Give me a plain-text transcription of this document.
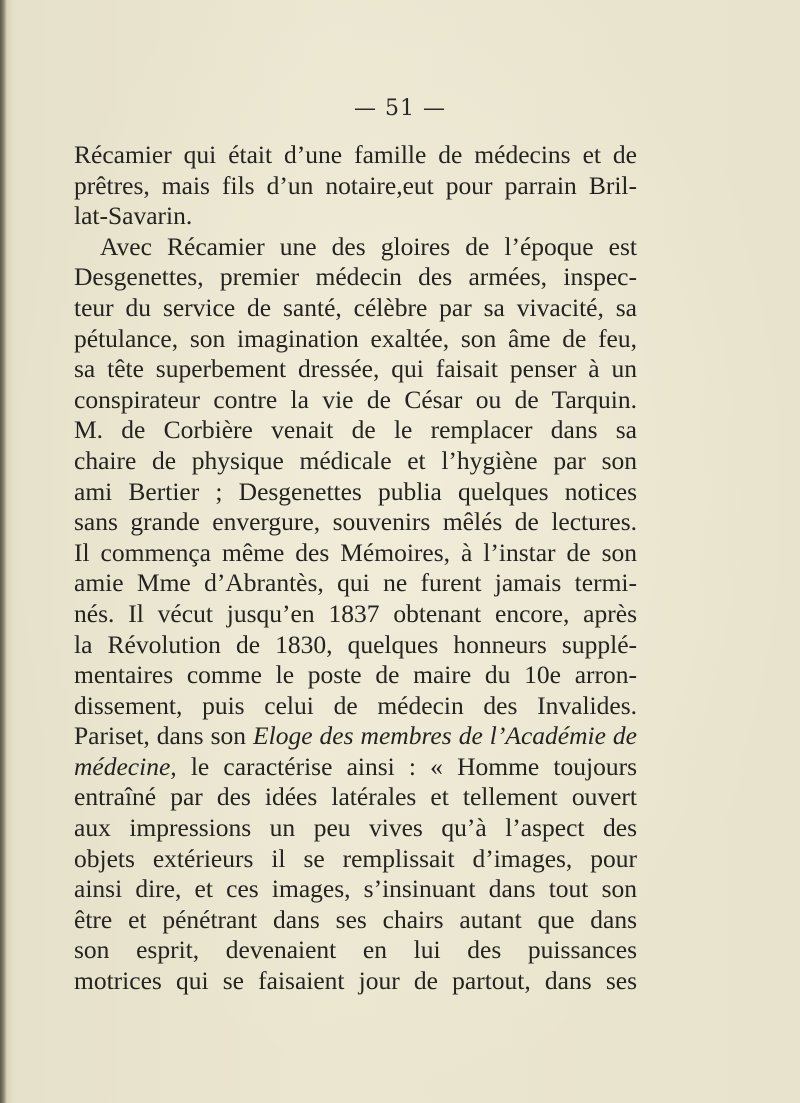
— 51 —
Récamier qui était d’une famille de médecins et de
prêtres, mais fils d’un notaire,eut pour parrain Bril-
lat-Savarin.
Avec Récamier une des gloires de l’époque est
Desgenettes, premier médecin des armées, inspec-
teur du service de santé, célèbre par sa vivacité, sa
pétulance, son imagination exaltée, son âme de feu,
sa tête superbement dressée, qui faisait penser à un
conspirateur contre la vie de César ou de Tarquin.
M. de Corbière venait de le remplacer dans sa
chaire de physique médicale et l’hygiène par son
ami Bertier ; Desgenettes publia quelques notices
sans grande envergure, souvenirs mêlés de lectures.
Il commença même des Mémoires, à l’instar de son
amie Mme d’Abrantès, qui ne furent jamais termi-
nés. Il vécut jusqu’en 1837 obtenant encore, après
la Révolution de 1830, quelques honneurs supplé-
mentaires comme le poste de maire du 10e arron-
dissement, puis celui de médecin des Invalides.
Pariset, dans son Eloge des membres de l’Académie de
médecine, le caractérise ainsi : « Homme toujours
entraîné par des idées latérales et tellement ouvert
aux impressions un peu vives qu’à l’aspect des
objets extérieurs il se remplissait d’images, pour
ainsi dire, et ces images, s’insinuant dans tout son
être et pénétrant dans ses chairs autant que dans
son esprit, devenaient en lui des puissances
motrices qui se faisaient jour de partout, dans ses
